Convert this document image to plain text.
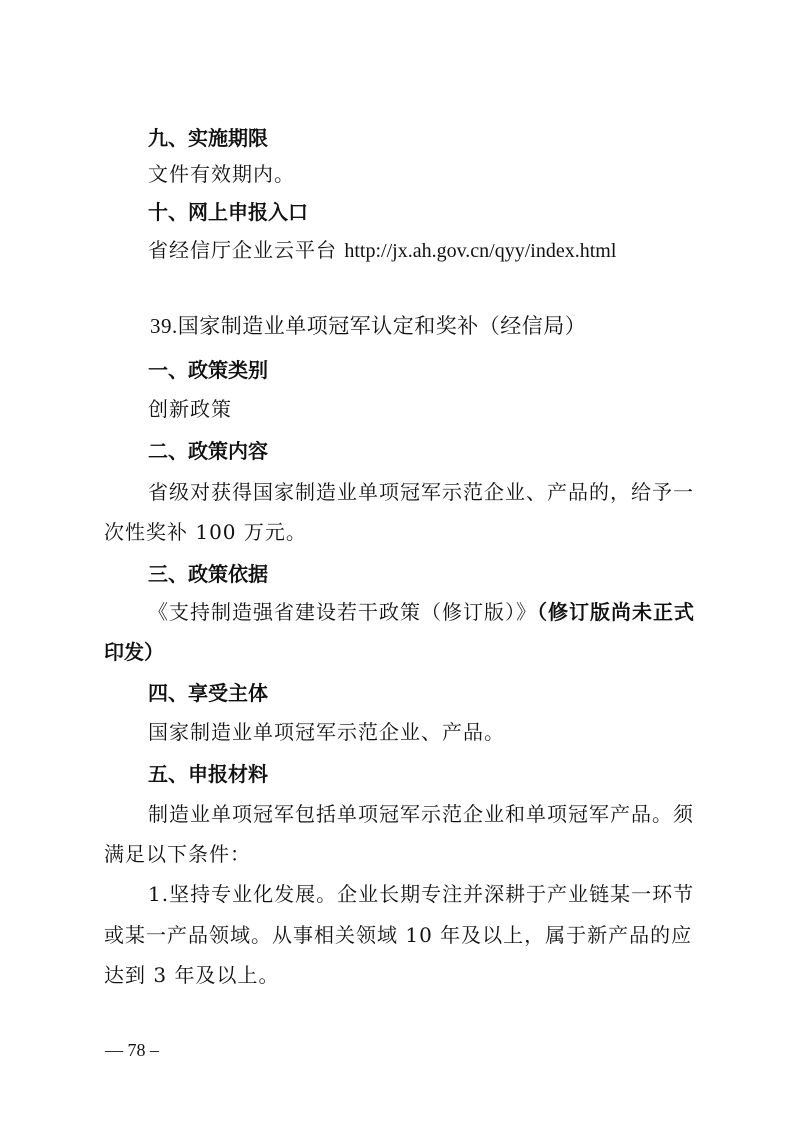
九、实施期限
文件有效期内。
十、网上申报入口
省经信厅企业云平台 http://jx.ah.gov.cn/qyy/index.html
39.国家制造业单项冠军认定和奖补（经信局）
一、政策类别
创新政策
二、政策内容
省级对获得国家制造业单项冠军示范企业、产品的，给予一
次性奖补 100 万元。
三、政策依据
《支持制造强省建设若干政策（修订版）》（修订版尚未正式
印发）
四、享受主体
国家制造业单项冠军示范企业、产品。
五、申报材料
制造业单项冠军包括单项冠军示范企业和单项冠军产品。须
满足以下条件：
1.坚持专业化发展。企业长期专注并深耕于产业链某一环节
或某一产品领域。从事相关领域 10 年及以上，属于新产品的应
达到 3 年及以上。
— 78 –
